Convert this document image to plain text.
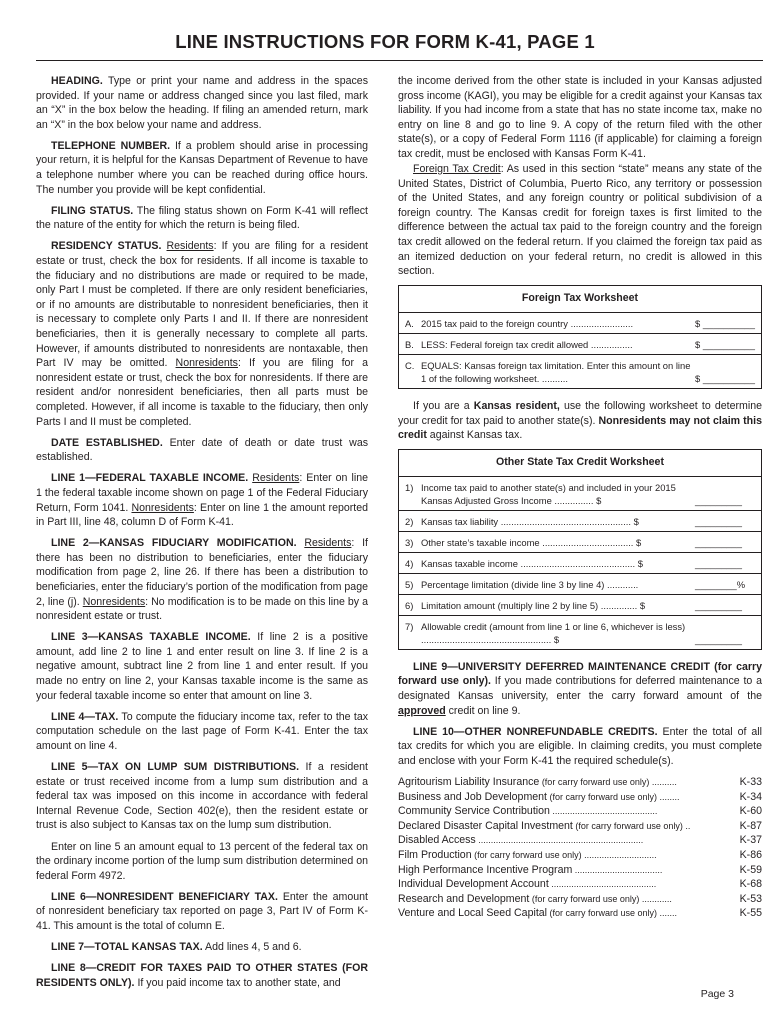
LINE INSTRUCTIONS FOR FORM K-41, PAGE 1

HEADING. Type or print your name and address in the spaces provided. If your name or address changed since you last filed, mark an “X” in the box below the heading. If filing an amended return, mark an “X” in the box below your name and address.

TELEPHONE NUMBER. If a problem should arise in processing your return, it is helpful for the Kansas Department of Revenue to have a telephone number where you can be reached during office hours. The number you provide will be kept confidential.

FILING STATUS. The filing status shown on Form K-41 will reflect the nature of the entity for which the return is being filed.

RESIDENCY STATUS. Residents: If you are filing for a resident estate or trust, check the box for residents. If all income is taxable to the fiduciary and no distributions are made or required to be made, only Part I must be completed. If there are only resident beneficiaries, or if no amounts are distributable to nonresident beneficiaries, then it is necessary to complete only Parts I and II. If there are nonresident beneficiaries, then it is generally necessary to complete all parts. However, if amounts distributed to nonresidents are nontaxable, then Part IV may be omitted. Nonresidents: If you are filing for a nonresident estate or trust, check the box for nonresidents. If there are resident and/or nonresident beneficiaries, then all parts must be completed. However, if all income is taxable to the fiduciary, then only Parts I and II must be completed.

DATE ESTABLISHED. Enter date of death or date trust was established.

LINE 1—FEDERAL TAXABLE INCOME. Residents: Enter on line 1 the federal taxable income shown on page 1 of the Federal Fiduciary Return, Form 1041. Nonresidents: Enter on line 1 the amount reported in Part III, line 48, column D of Form K-41.

LINE 2—KANSAS FIDUCIARY MODIFICATION. Residents: If there has been no distribution to beneficiaries, enter the fiduciary modification from page 2, line 26. If there has been a distribution to beneficiaries, enter the fiduciary’s portion of the modification from page 2, line (j). Nonresidents: No modification is to be made on this line by a nonresident estate or trust.

LINE 3—KANSAS TAXABLE INCOME. If line 2 is a positive amount, add line 2 to line 1 and enter result on line 3. If line 2 is a negative amount, subtract line 2 from line 1 and enter result. If you made no entry on line 2, your Kansas taxable income is the same as your federal taxable income so enter that amount on line 3.

LINE 4—TAX. To compute the fiduciary income tax, refer to the tax computation schedule on the last page of Form K-41. Enter the tax amount on line 4.

LINE 5—TAX ON LUMP SUM DISTRIBUTIONS. If a resident estate or trust received income from a lump sum distribution and a federal tax was imposed on this income in accordance with federal Internal Revenue Code, Section 402(e), then the resident estate or trust is also subject to Kansas tax on the lump sum distribution.

Enter on line 5 an amount equal to 13 percent of the federal tax on the ordinary income portion of the lump sum distribution determined on federal Form 4972.

LINE 6—NONRESIDENT BENEFICIARY TAX. Enter the amount of nonresident beneficiary tax reported on page 3, Part IV of Form K-41. This amount is the total of column E.

LINE 7—TOTAL KANSAS TAX. Add lines 4, 5 and 6.

LINE 8—CREDIT FOR TAXES PAID TO OTHER STATES (FOR RESIDENTS ONLY). If you paid income tax to another state, and

the income derived from the other state is included in your Kansas adjusted gross income (KAGI), you may be eligible for a credit against your Kansas tax liability. If you had income from a state that has no state income tax, make no entry on line 8 and go to line 9. A copy of the return filed with the other state(s), or a copy of Federal Form 1116 (if applicable) for claiming a foreign tax credit, must be enclosed with Kansas Form K-41.

Foreign Tax Credit: As used in this section “state” means any state of the United States, District of Columbia, Puerto Rico, any territory or possession of the United States, and any foreign country or political subdivision of a foreign country. The Kansas credit for foreign taxes is first limited to the difference between the actual tax paid to the foreign country and the foreign tax credit allowed on the federal return. If you claimed the foreign tax paid as an itemized deduction on your federal return, no credit is allowed in this section.

Foreign Tax Worksheet
A. 2015 tax paid to the foreign country ........................	$ __________
B. LESS: Federal foreign tax credit allowed ................	$ __________
C. EQUALS: Kansas foreign tax limitation. Enter this amount on line 1 of the following worksheet. ..........	$ __________

If you are a Kansas resident, use the following worksheet to determine your credit for tax paid to another state(s). Nonresidents may not claim this credit against Kansas tax.

Other State Tax Credit Worksheet
1) Income tax paid to another state(s) and included in your 2015 Kansas Adjusted Gross Income ............... $	_________
2) Kansas tax liability .................................................. $	_________
3) Other state’s taxable income ................................... $	_________
4) Kansas taxable income ............................................ $	_________
5) Percentage limitation (divide line 3 by line 4) ............	________%
6) Limitation amount (multiply line 2 by line 5) .............. $	_________
7) Allowable credit (amount from line 1 or line 6, whichever is less) .................................................. $	_________

LINE 9—UNIVERSITY DEFERRED MAINTENANCE CREDIT (for carry forward use only). If you made contributions for deferred maintenance to a designated Kansas university, enter the carry forward amount of the approved credit on line 9.

LINE 10—OTHER NONREFUNDABLE CREDITS. Enter the total of all tax credits for which you are eligible. In claiming credits, you must complete and enclose with your Form K-41 the required schedule(s).

Agritourism Liability Insurance (for carry forward use only) ..........	K-33
Business and Job Development (for carry forward use only) ........	K-34
Community Service Contribution ..........................................	K-60
Declared Disaster Capital Investment (for carry forward use only) ..	K-87
Disabled Access ..................................................................	K-37
Film Production (for carry forward use only) .............................	K-86
High Performance Incentive Program ...................................	K-59
Individual Development Account ..........................................	K-68
Research and Development (for carry forward use only) ............	K-53
Venture and Local Seed Capital (for carry forward use only) .......	K-55
Page 3
